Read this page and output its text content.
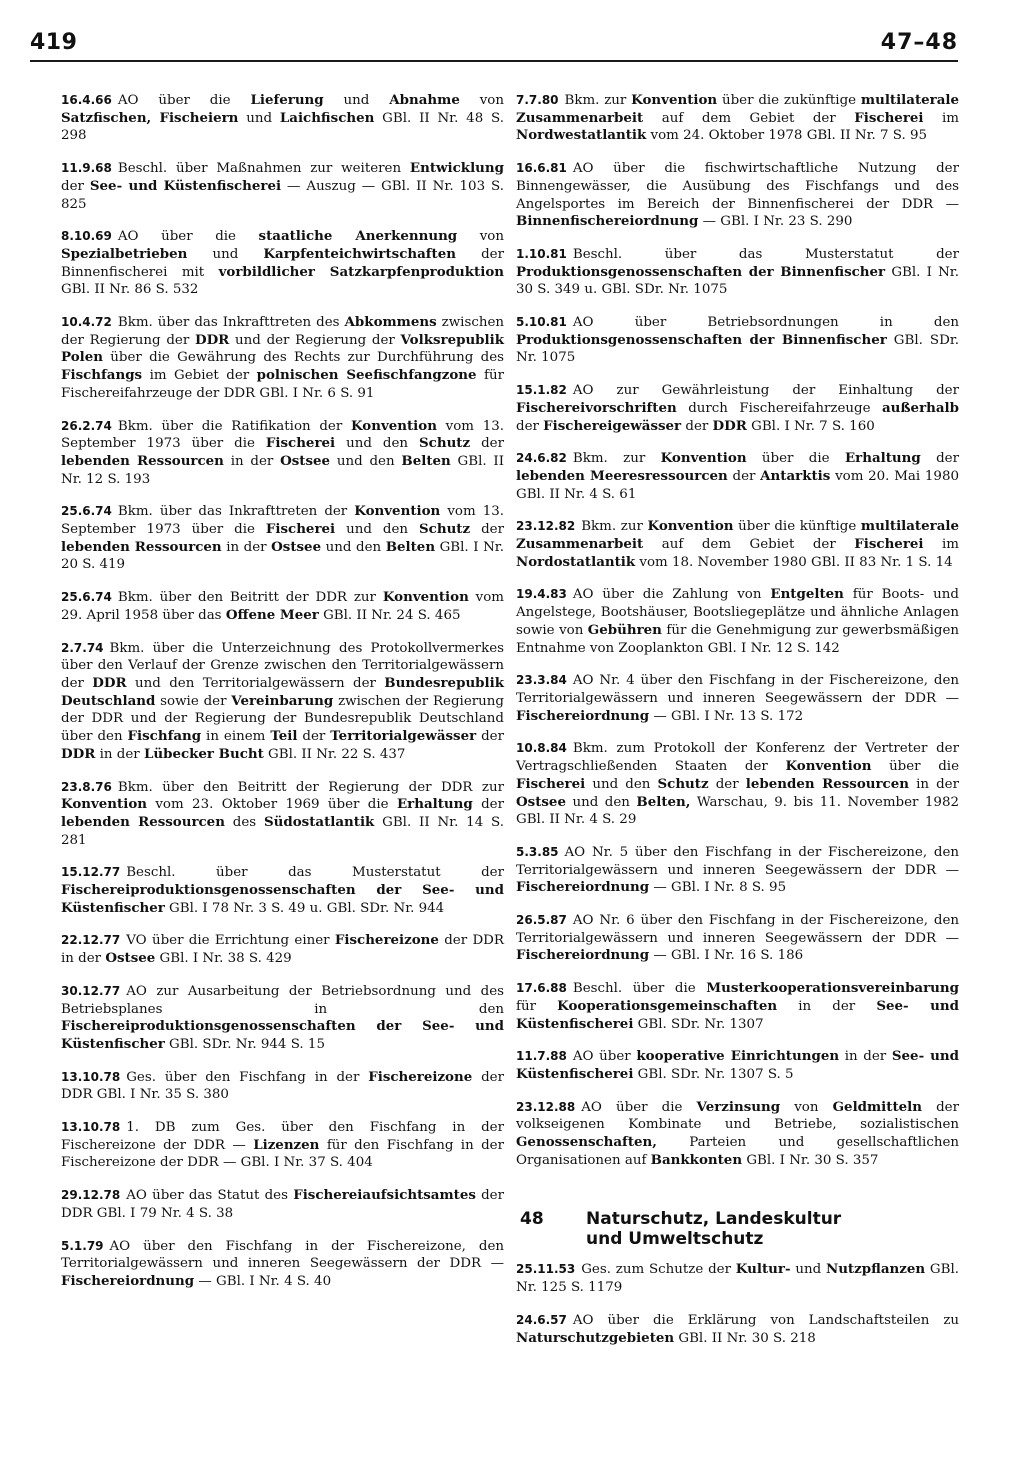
419	47–48
16.4.66 AO über die Lieferung und Abnahme von Satzfischen, Fischeiern und Laichfischen GBl. II Nr. 48 S. 298
11.9.68 Beschl. über Maßnahmen zur weiteren Entwicklung der See- und Küstenfischerei — Auszug — GBl. II Nr. 103 S. 825
8.10.69 AO über die staatliche Anerkennung von Spezialbetrieben und Karpfenteichwirtschaften der Binnenfischerei mit vorbildlicher Satzkarpfenproduktion GBl. II Nr. 86 S. 532
10.4.72 Bkm. über das Inkrafttreten des Abkommens zwischen der Regierung der DDR und der Regierung der Volksrepublik Polen über die Gewährung des Rechts zur Durchführung des Fischfangs im Gebiet der polnischen Seefischfangzone für Fischereifahrzeuge der DDR GBl. I Nr. 6 S. 91
26.2.74 Bkm. über die Ratifikation der Konvention vom 13. September 1973 über die Fischerei und den Schutz der lebenden Ressourcen in der Ostsee und den Belten GBl. II Nr. 12 S. 193
25.6.74 Bkm. über das Inkrafttreten der Konvention vom 13. September 1973 über die Fischerei und den Schutz der lebenden Ressourcen in der Ostsee und den Belten GBl. I Nr. 20 S. 419
25.6.74 Bkm. über den Beitritt der DDR zur Konvention vom 29. April 1958 über das Offene Meer GBl. II Nr. 24 S. 465
2.7.74 Bkm. über die Unterzeichnung des Protokollvermerkes über den Verlauf der Grenze zwischen den Territorialgewässern der DDR und den Territorialgewässern der Bundesrepublik Deutschland sowie der Vereinbarung zwischen der Regierung der DDR und der Regierung der Bundesrepublik Deutschland über den Fischfang in einem Teil der Territorialgewässer der DDR in der Lübecker Bucht GBl. II Nr. 22 S. 437
23.8.76 Bkm. über den Beitritt der Regierung der DDR zur Konvention vom 23. Oktober 1969 über die Erhaltung der lebenden Ressourcen des Südostatlantik GBl. II Nr. 14 S. 281
15.12.77 Beschl. über das Musterstatut der Fischereiproduktionsgenossenschaften der See- und Küstenfischer GBl. I 78 Nr. 3 S. 49 u. GBl. SDr. Nr. 944
22.12.77 VO über die Errichtung einer Fischereizone der DDR in der Ostsee GBl. I Nr. 38 S. 429
30.12.77 AO zur Ausarbeitung der Betriebsordnung und des Betriebsplanes in den Fischereiproduktionsgenossenschaften der See- und Küstenfischer GBl. SDr. Nr. 944 S. 15
13.10.78 Ges. über den Fischfang in der Fischereizone der DDR GBl. I Nr. 35 S. 380
13.10.78 1. DB zum Ges. über den Fischfang in der Fischereizone der DDR — Lizenzen für den Fischfang in der Fischereizone der DDR — GBl. I Nr. 37 S. 404
29.12.78 AO über das Statut des Fischereiaufsichtsamtes der DDR GBl. I 79 Nr. 4 S. 38
5.1.79 AO über den Fischfang in der Fischereizone, den Territorialgewässern und inneren Seegewässern der DDR — Fischereiordnung — GBl. I Nr. 4 S. 40
7.7.80 Bkm. zur Konvention über die zukünftige multilaterale Zusammenarbeit auf dem Gebiet der Fischerei im Nordwestatlantik vom 24. Oktober 1978 GBl. II Nr. 7 S. 95
16.6.81 AO über die fischwirtschaftliche Nutzung der Binnengewässer, die Ausübung des Fischfangs und des Angelsportes im Bereich der Binnenfischerei der DDR — Binnenfischereiordnung — GBl. I Nr. 23 S. 290
1.10.81 Beschl. über das Musterstatut der Produktionsgenossenschaften der Binnenfischer GBl. I Nr. 30 S. 349 u. GBl. SDr. Nr. 1075
5.10.81 AO über Betriebsordnungen in den Produktionsgenossenschaften der Binnenfischer GBl. SDr. Nr. 1075
15.1.82 AO zur Gewährleistung der Einhaltung der Fischereivorschriften durch Fischereifahrzeuge außerhalb der Fischereigewässer der DDR GBl. I Nr. 7 S. 160
24.6.82 Bkm. zur Konvention über die Erhaltung der lebenden Meeresressourcen der Antarktis vom 20. Mai 1980 GBl. II Nr. 4 S. 61
23.12.82 Bkm. zur Konvention über die künftige multilaterale Zusammenarbeit auf dem Gebiet der Fischerei im Nordostatlantik vom 18. November 1980 GBl. II 83 Nr. 1 S. 14
19.4.83 AO über die Zahlung von Entgelten für Boots- und Angelstege, Bootshäuser, Bootsliegeplätze und ähnliche Anlagen sowie von Gebühren für die Genehmigung zur gewerbsmäßigen Entnahme von Zooplankton GBl. I Nr. 12 S. 142
23.3.84 AO Nr. 4 über den Fischfang in der Fischereizone, den Territorialgewässern und inneren Seegewässern der DDR — Fischereiordnung — GBl. I Nr. 13 S. 172
10.8.84 Bkm. zum Protokoll der Konferenz der Vertreter der Vertragschließenden Staaten der Konvention über die Fischerei und den Schutz der lebenden Ressourcen in der Ostsee und den Belten, Warschau, 9. bis 11. November 1982 GBl. II Nr. 4 S. 29
5.3.85 AO Nr. 5 über den Fischfang in der Fischereizone, den Territorialgewässern und inneren Seegewässern der DDR — Fischereiordnung — GBl. I Nr. 8 S. 95
26.5.87 AO Nr. 6 über den Fischfang in der Fischereizone, den Territorialgewässern und inneren Seegewässern der DDR — Fischereiordnung — GBl. I Nr. 16 S. 186
17.6.88 Beschl. über die Musterkooperationsvereinbarung für Kooperationsgemeinschaften in der See- und Küstenfischerei GBl. SDr. Nr. 1307
11.7.88 AO über kooperative Einrichtungen in der See- und Küstenfischerei GBl. SDr. Nr. 1307 S. 5
23.12.88 AO über die Verzinsung von Geldmitteln der volkseigenen Kombinate und Betriebe, sozialistischen Genossenschaften, Parteien und gesellschaftlichen Organisationen auf Bankkonten GBl. I Nr. 30 S. 357
48	Naturschutz, Landeskultur und Umweltschutz
25.11.53 Ges. zum Schutze der Kultur- und Nutzpflanzen GBl. Nr. 125 S. 1179
24.6.57 AO über die Erklärung von Landschaftsteilen zu Naturschutzgebieten GBl. II Nr. 30 S. 218
